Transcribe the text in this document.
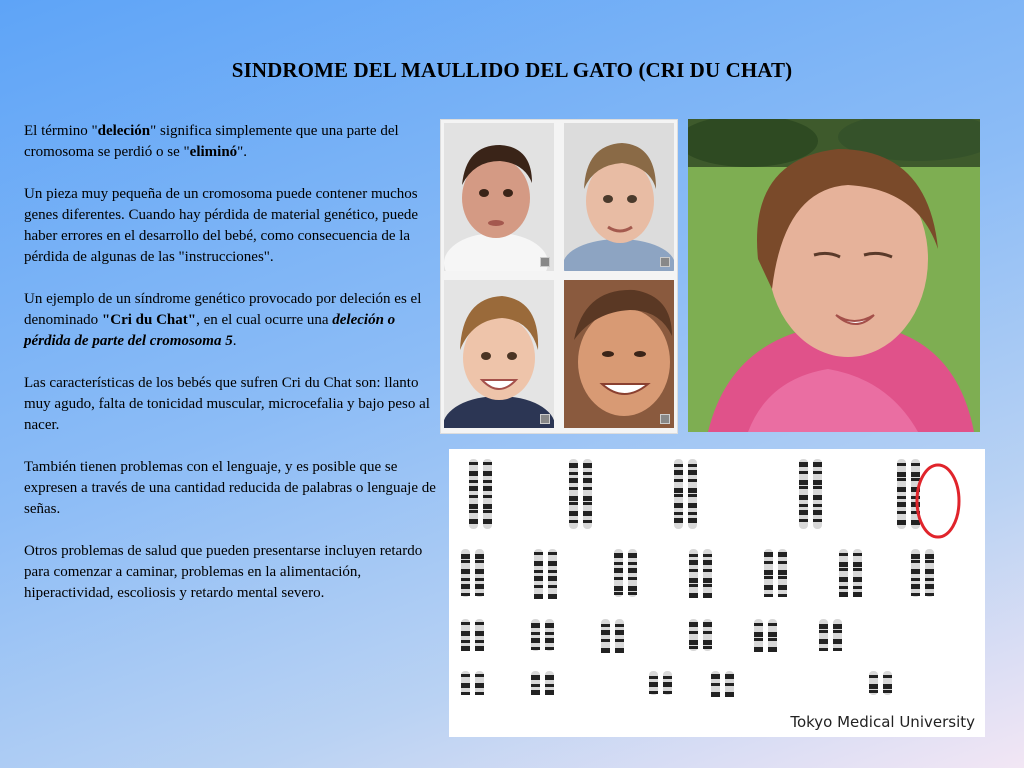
SINDROME DEL MAULLIDO DEL GATO (CRI DU CHAT)

El término "deleción" significa simplemente que una parte del cromosoma se perdió o se "eliminó".

Un pieza muy pequeña de un cromosoma puede contener muchos genes diferentes. Cuando hay pérdida de material genético, puede haber errores en el desarrollo del bebé, como consecuencia de la pérdida de algunas de las "instrucciones".

Un ejemplo de un síndrome genético provocado por deleción es el denominado "Cri du Chat", en el cual ocurre una deleción o pérdida de parte del cromosoma 5.

Las características de los bebés que sufren Cri du Chat son: llanto muy agudo, falta de tonicidad muscular, microcefalia y bajo peso al nacer.

También tienen problemas con el lenguaje, y es posible que se expresen a través de una cantidad reducida de palabras o lenguaje de señas.

Otros problemas de salud que pueden presentarse incluyen retardo para comenzar a caminar, problemas en la alimentación, hiperactividad, escoliosis y retardo mental severo.

Tokyo Medical University
